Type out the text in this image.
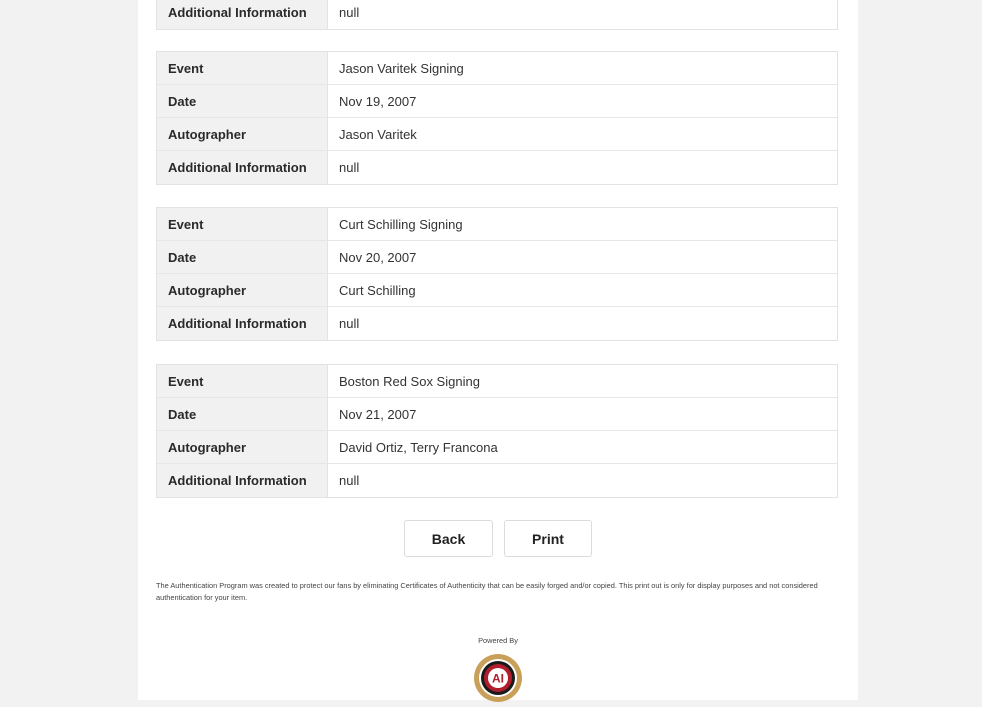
Additional Information	null
Event	Jason Varitek Signing
Date	Nov 19, 2007
Autographer	Jason Varitek
Additional Information	null
Event	Curt Schilling Signing
Date	Nov 20, 2007
Autographer	Curt Schilling
Additional Information	null
Event	Boston Red Sox Signing
Date	Nov 21, 2007
Autographer	David Ortiz, Terry Francona
Additional Information	null
Back	Print
The Authentication Program was created to protect our fans by eliminating Certificates of Authenticity that can be easily forged and/or copied. This print out is only for display purposes and not considered authentication for your item.
Powered By
AI
